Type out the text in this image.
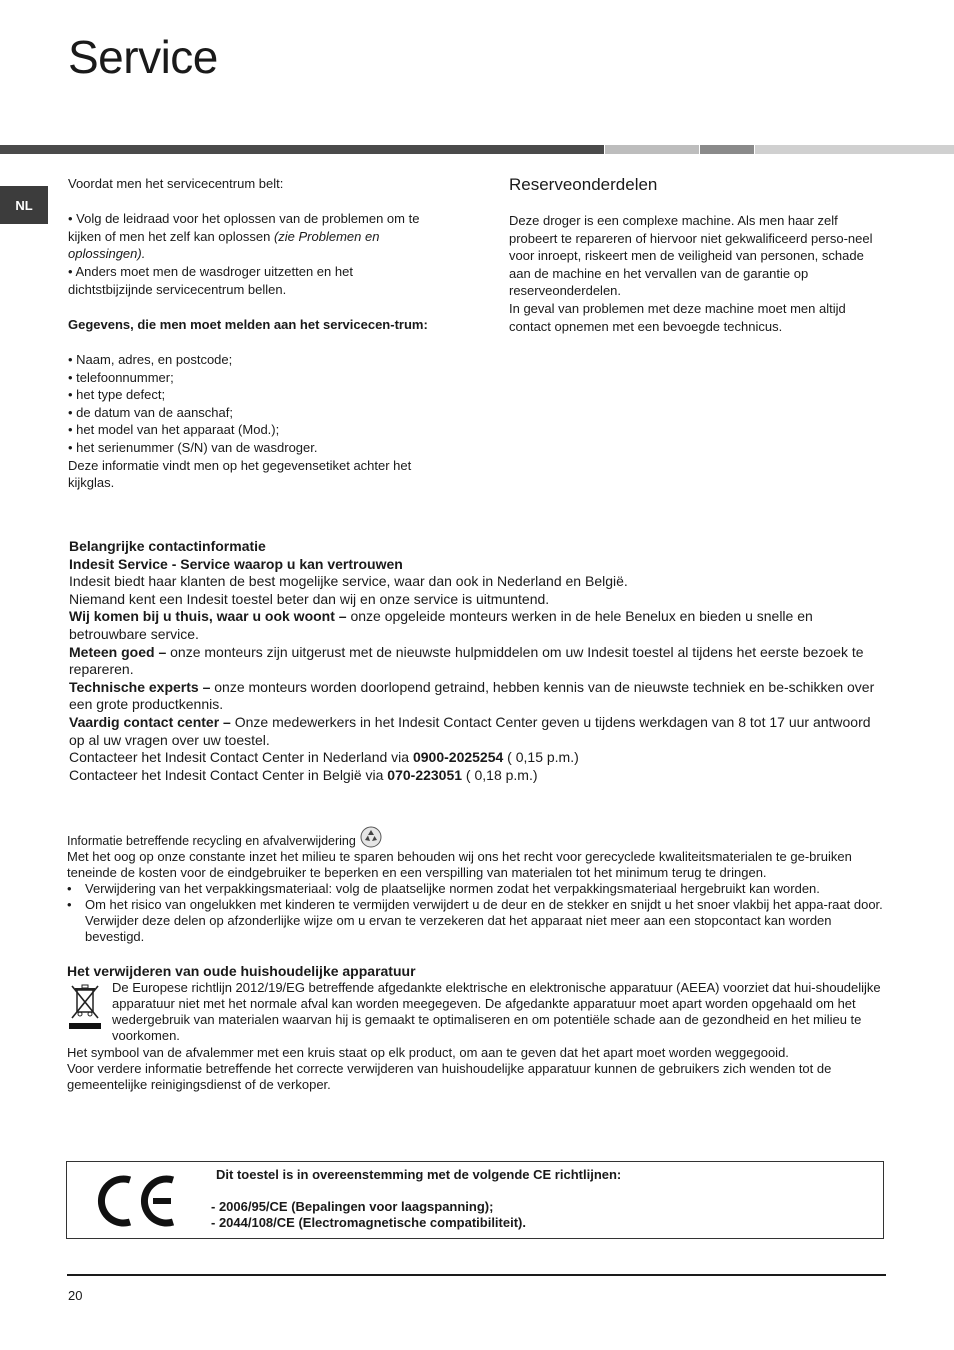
Service
NL

Voordat men het servicecentrum belt:

• Volg de leidraad voor het oplossen van de problemen om te kijken of men het zelf kan oplossen (zie Problemen en oplossingen).

• Anders moet men de wasdroger uitzetten en het dichtstbijzijnde servicecentrum bellen.

Gegevens, die men moet melden aan het servicecen-trum:

• Naam, adres, en postcode;

• telefoonnummer;

• het type defect;

• de datum van de aanschaf;

• het model van het apparaat (Mod.);

• het serienummer (S/N) van de wasdroger.

Deze informatie vindt men op het gegevensetiket achter het kijkglas.

Reserveonderdelen

Deze droger is een complexe machine. Als men haar zelf probeert te repareren of hiervoor niet gekwalificeerd perso-neel voor inroept, riskeert men de veiligheid van personen, schade aan de machine en het vervallen van de garantie op reserveonderdelen.

In geval van problemen met deze machine moet men altijd contact opnemen met een bevoegde technicus.

Belangrijke contactinformatie

Indesit Service - Service waarop u kan vertrouwen

Indesit biedt haar klanten de best mogelijke service, waar dan ook in Nederland en België.

Niemand kent een Indesit toestel beter dan wij en onze service is uitmuntend.

Wij komen bij u thuis, waar u ook woont – onze opgeleide monteurs werken in de hele Benelux en bieden u snelle en betrouwbare service.

Meteen goed – onze monteurs zijn uitgerust met de nieuwste hulpmiddelen om uw Indesit toestel al tijdens het eerste bezoek te repareren.

Technische experts – onze monteurs worden doorlopend getraind, hebben kennis van de nieuwste techniek en be-schikken over een grote productkennis.

Vaardig contact center – Onze medewerkers in het Indesit Contact Center geven u tijdens werkdagen van 8 tot 17 uur antwoord op al uw vragen over uw toestel.

Contacteer het Indesit Contact Center in Nederland via 0900-2025254 ( 0,15 p.m.)

Contacteer het Indesit Contact Center in België via 070-223051 ( 0,18 p.m.)

Informatie betreffende recycling en afvalverwijdering

Met het oog op onze constante inzet het milieu te sparen behouden wij ons het recht voor gerecyclede kwaliteitsmaterialen te ge-bruiken teneinde de kosten voor de eindgebruiker te beperken en een verspilling van materialen tot het minimum terug te dringen.

•	Verwijdering van het verpakkingsmateriaal: volg de plaatselijke normen zodat het verpakkingsmateriaal hergebruikt kan worden.
•	Om het risico van ongelukken met kinderen te vermijden verwijdert u de deur en de stekker en snijdt u het snoer vlakbij het appa-raat door. Verwijder deze delen op afzonderlijke wijze om u ervan te verzekeren dat het apparaat niet meer aan een stopcontact kan worden bevestigd.

Het verwijderen van oude huishoudelijke apparatuur

De Europese richtlijn 2012/19/EG betreffende afgedankte elektrische en elektronische apparatuur (AEEA) voorziet dat hui-shoudelijke apparatuur niet met het normale afval kan worden meegegeven. De afgedankte apparatuur moet apart worden opgehaald om het wedergebruik van materialen waarvan hij is gemaakt te optimaliseren en om potentiële schade aan de gezondheid en het milieu te voorkomen.

Het symbool van de afvalemmer met een kruis staat op elk product, om aan te geven dat het apart moet worden weggegooid.

Voor verdere informatie betreffende het correcte verwijderen van huishoudelijke apparatuur kunnen de gebruikers zich wenden tot de gemeentelijke reinigingsdienst of de verkoper.

Dit toestel is in overeenstemming met de volgende CE richtlijnen:

- 2006/95/CE (Bepalingen voor laagspanning);

- 2044/108/CE (Electromagnetische compatibiliteit).

20
